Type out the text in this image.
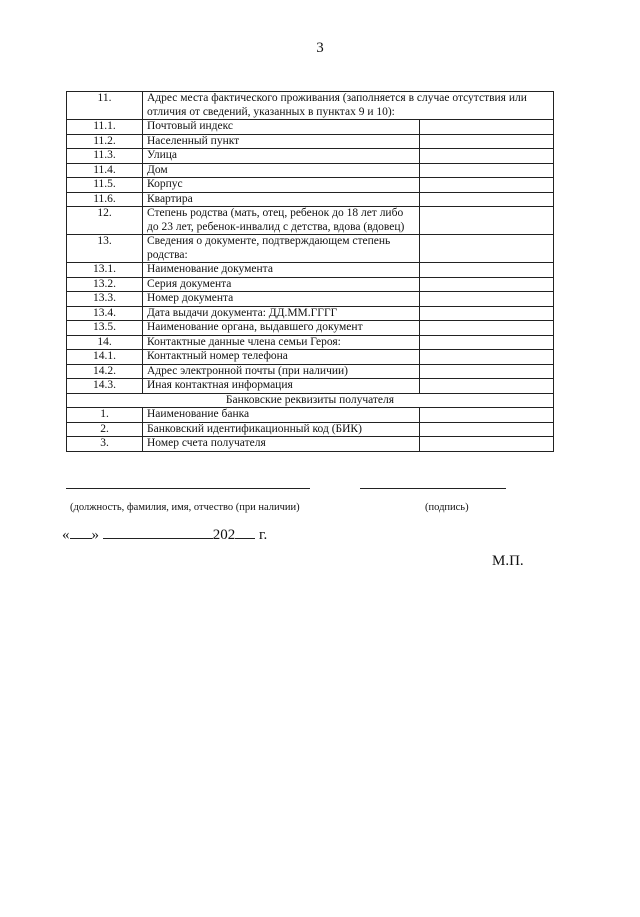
3
11.	Адрес места фактического проживания (заполняется в случае отсутствия или отличия от сведений, указанных в пунктах 9 и 10):	
11.1.	Почтовый индекс	
11.2.	Населенный пункт	
11.3.	Улица	
11.4.	Дом	
11.5.	Корпус	
11.6.	Квартира	
12.	Степень родства (мать, отец, ребенок до 18 лет либо до 23 лет, ребенок-инвалид с детства, вдова (вдовец)	
13.	Сведения о документе, подтверждающем степень родства:	
13.1.	Наименование документа	
13.2.	Серия документа	
13.3.	Номер документа	
13.4.	Дата выдачи документа: ДД.ММ.ГГГГ	
13.5.	Наименование органа, выдавшего документ	
14.	Контактные данные члена семьи Героя:	
14.1.	Контактный номер телефона	
14.2.	Адрес электронной почты (при наличии)	
14.3.	Иная контактная информация	
Банковские реквизиты получателя		
1.	Наименование банка	
2.	Банковский идентификационный код (БИК)	
3.	Номер счета получателя	
(должность, фамилия, имя, отчество (при наличии)	(подпись)
« »	202 г.
М.П.
